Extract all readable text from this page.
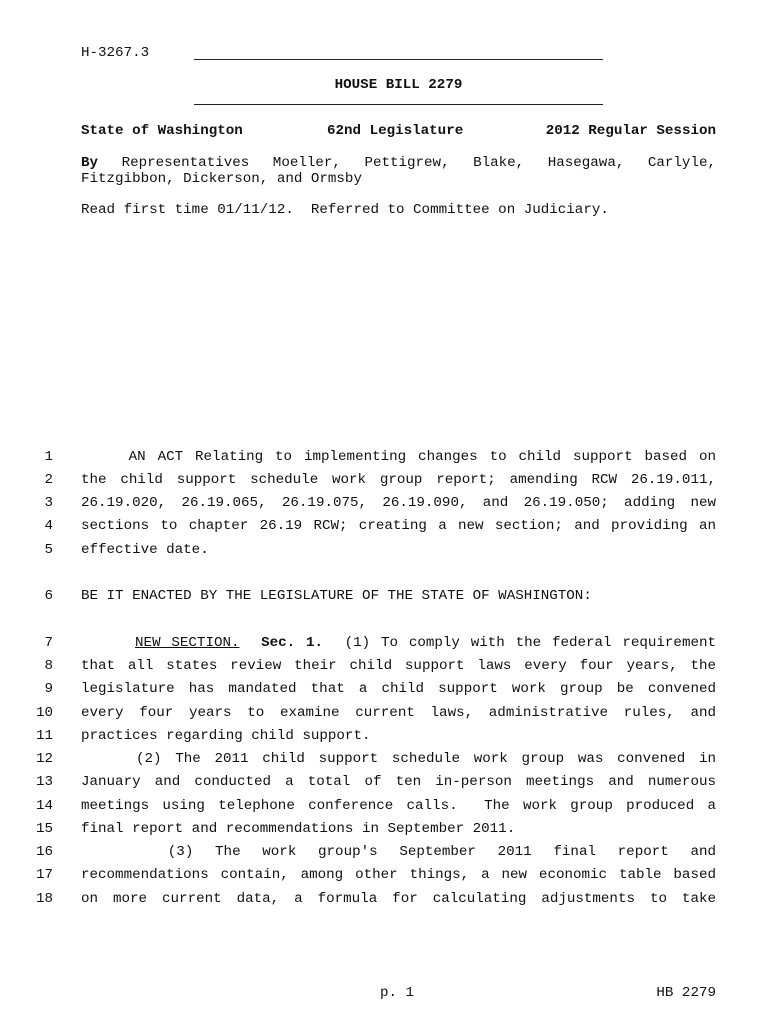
H-3267.3
HOUSE BILL 2279
State of Washington	62nd Legislature	2012 Regular Session
By Representatives Moeller, Pettigrew, Blake, Hasegawa, Carlyle,
Fitzgibbon, Dickerson, and Ormsby
Read first time 01/11/12.  Referred to Committee on Judiciary.
1 AN ACT Relating to implementing changes to child support based on
2 the child support schedule work group report; amending RCW 26.19.011,
3 26.19.020, 26.19.065, 26.19.075, 26.19.090, and 26.19.050; adding new
4 sections to chapter 26.19 RCW; creating a new section; and providing an
5 effective date.
6 BE IT ENACTED BY THE LEGISLATURE OF THE STATE OF WASHINGTON:
7	NEW SECTION. Sec. 1. (1) To comply with the federal requirement
8 that all states review their child support laws every four years, the
9 legislature has mandated that a child support work group be convened
10 every four years to examine current laws, administrative rules, and
11 practices regarding child support.
12 (2) The 2011 child support schedule work group was convened in
13 January and conducted a total of ten in-person meetings and numerous
14 meetings using telephone conference calls.  The work group produced a
15 final report and recommendations in September 2011.
16 (3) The work group's September 2011 final report and
17 recommendations contain, among other things, a new economic table based
18 on more current data, a formula for calculating adjustments to take
p. 1	HB 2279
